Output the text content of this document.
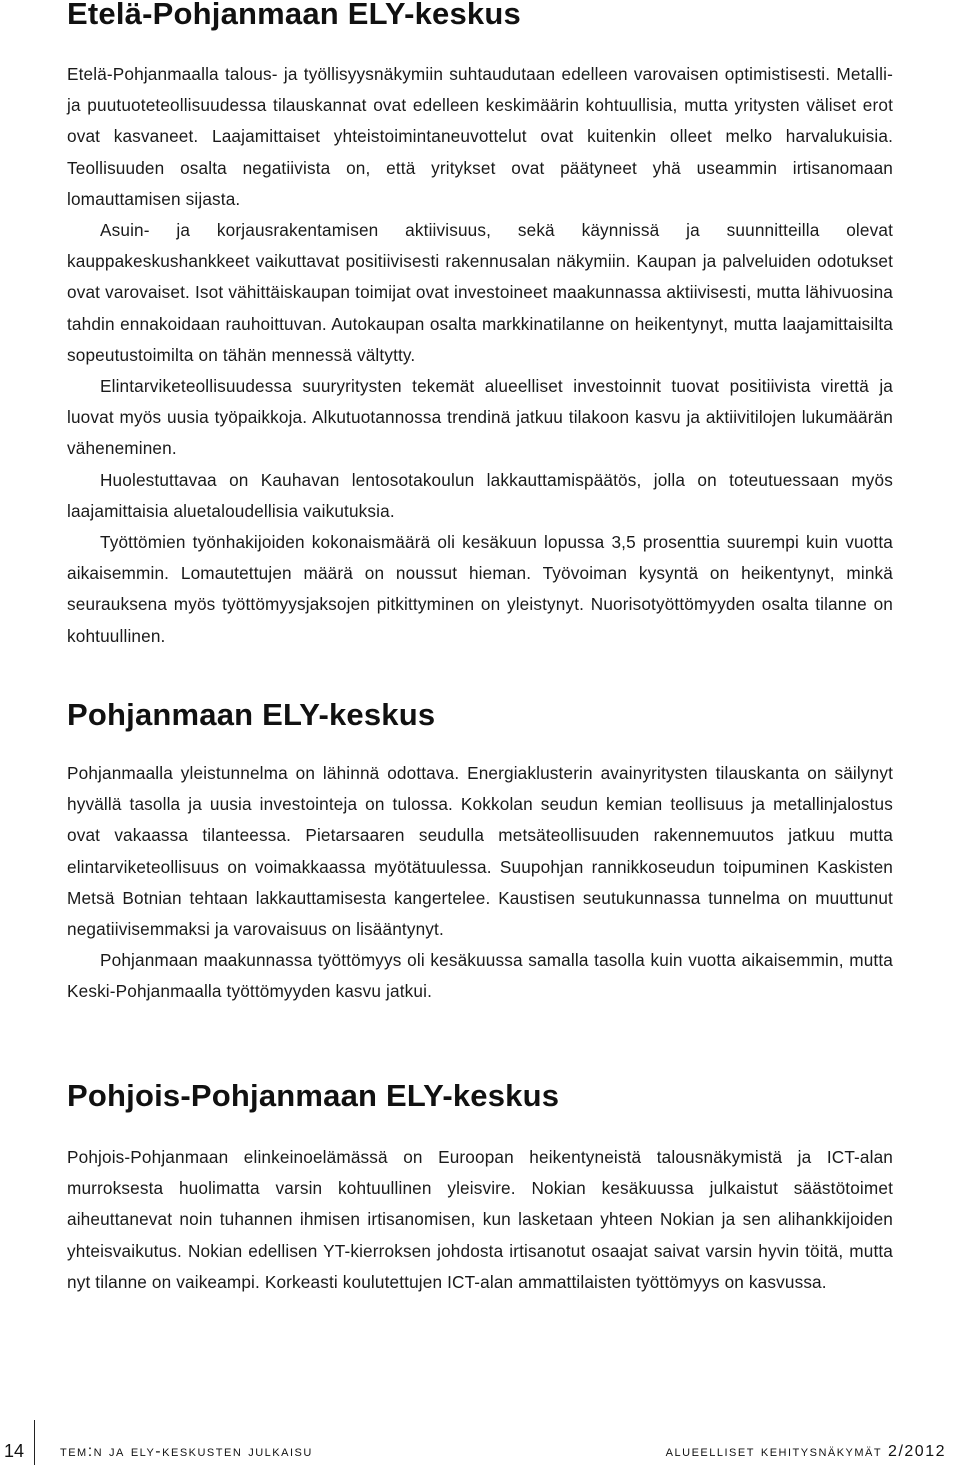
Etelä-Pohjanmaan ELY-keskus

Etelä-Pohjanmaalla talous- ja työllisyysnäkymiin suhtaudutaan edelleen varovaisen optimistisesti. Metalli- ja puutuoteteollisuudessa tilauskannat ovat edelleen keskimäärin kohtuullisia, mutta yritysten väliset erot ovat kasvaneet. Laajamittaiset yhteistoimintaneuvottelut ovat kuitenkin olleet melko harvalukuisia. Teollisuuden osalta negatiivista on, että yritykset ovat päätyneet yhä useammin irtisanomaan lomauttamisen sijasta.

Asuin- ja korjausrakentamisen aktiivisuus, sekä käynnissä ja suunnitteilla olevat kauppakeskushankkeet vaikuttavat positiivisesti rakennusalan näkymiin. Kaupan ja palveluiden odotukset ovat varovaiset. Isot vähittäiskaupan toimijat ovat investoineet maakunnassa aktiivisesti, mutta lähivuosina tahdin ennakoidaan rauhoittuvan. Autokaupan osalta markkinatilanne on heikentynyt, mutta laajamittaisilta sopeutustoimilta on tähän mennessä vältytty.

Elintarviketeollisuudessa suuryritysten tekemät alueelliset investoinnit tuovat positiivista virettä ja luovat myös uusia työpaikkoja. Alkutuotannossa trendinä jatkuu tilakoon kasvu ja aktiivitilojen lukumäärän väheneminen.

Huolestuttavaa on Kauhavan lentosotakoulun lakkauttamispäätös, jolla on toteutuessaan myös laajamittaisia aluetaloudellisia vaikutuksia.

Työttömien työnhakijoiden kokonaismäärä oli kesäkuun lopussa 3,5 prosenttia suurempi kuin vuotta aikaisemmin. Lomautettujen määrä on noussut hieman. Työvoiman kysyntä on heikentynyt, minkä seurauksena myös työttömyysjaksojen pitkittyminen on yleistynyt. Nuorisotyöttömyyden osalta tilanne on kohtuullinen.

Pohjanmaan ELY-keskus

Pohjanmaalla yleistunnelma on lähinnä odottava. Energiaklusterin avainyritysten tilauskanta on säilynyt hyvällä tasolla ja uusia investointeja on tulossa. Kokkolan seudun kemian teollisuus ja metallinjalostus ovat vakaassa tilanteessa. Pietarsaaren seudulla metsäteollisuuden rakennemuutos jatkuu mutta elintarviketeollisuus on voimakkaassa myötätuulessa. Suupohjan rannikkoseudun toipuminen Kaskisten Metsä Botnian tehtaan lakkauttamisesta kangertelee. Kaustisen seutukunnassa tunnelma on muuttunut negatiivisemmaksi ja varovaisuus on lisääntynyt.

Pohjanmaan maakunnassa työttömyys oli kesäkuussa samalla tasolla kuin vuotta aikaisemmin, mutta Keski-Pohjanmaalla työttömyyden kasvu jatkui.

Pohjois-Pohjanmaan ELY-keskus

Pohjois-Pohjanmaan elinkeinoelämässä on Euroopan heikentyneistä talousnäkymistä ja ICT-alan murroksesta huolimatta varsin kohtuullinen yleisvire. Nokian kesäkuussa julkaistut säästötoimet aiheuttanevat noin tuhannen ihmisen irtisanomisen, kun lasketaan yhteen Nokian ja sen alihankkijoiden yhteisvaikutus. Nokian edellisen YT-kierroksen johdosta irtisanotut osaajat saivat varsin hyvin töitä, mutta nyt tilanne on vaikeampi. Korkeasti koulutettujen ICT-alan ammattilaisten työttömyys on kasvussa.

14 tem:n ja ely-keskusten julkaisu	alueelliset kehitysnäkymät 2/2012
